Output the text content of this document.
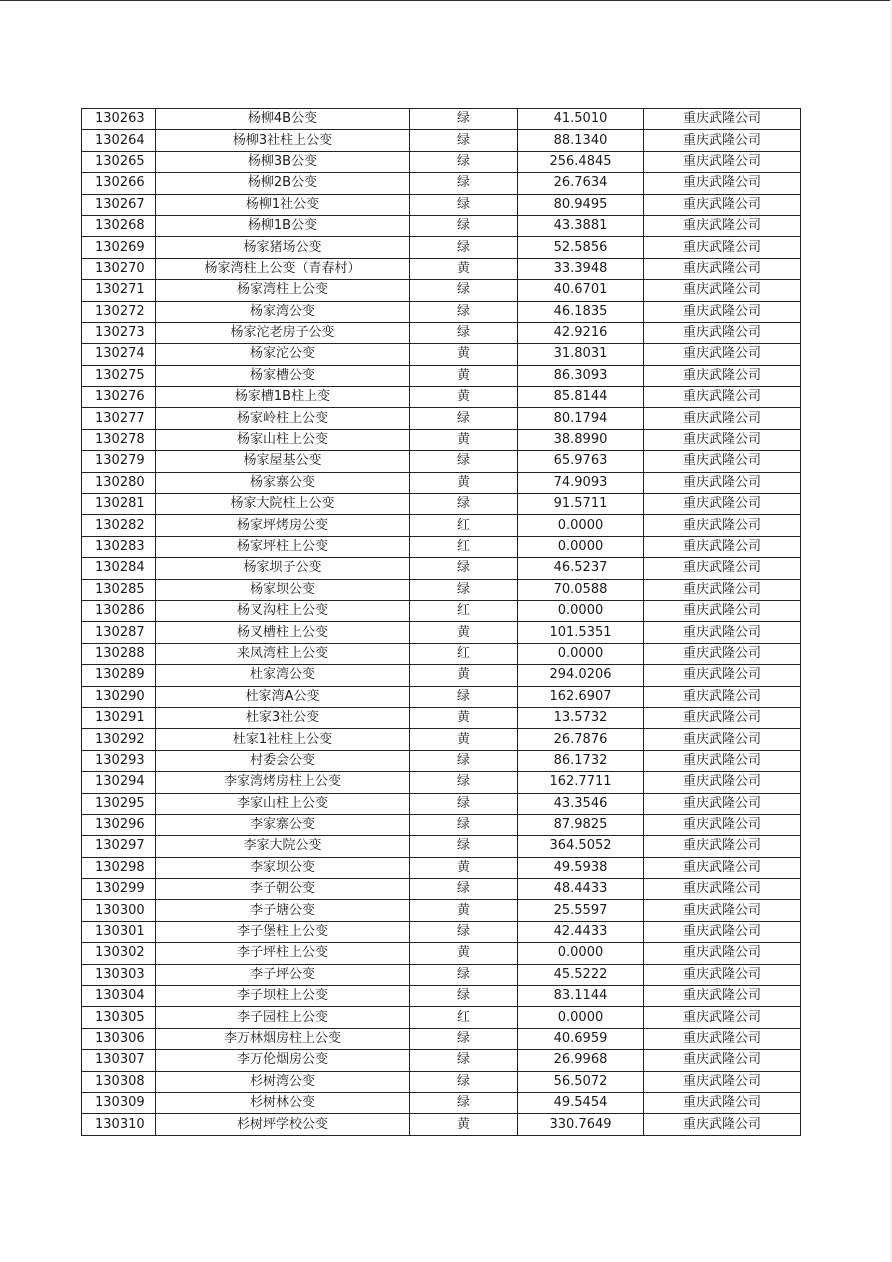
130263	杨柳4B公变	绿	41.5010	重庆武隆公司
130264	杨柳3社柱上公变	绿	88.1340	重庆武隆公司
130265	杨柳3B公变	绿	256.4845	重庆武隆公司
130266	杨柳2B公变	绿	26.7634	重庆武隆公司
130267	杨柳1社公变	绿	80.9495	重庆武隆公司
130268	杨柳1B公变	绿	43.3881	重庆武隆公司
130269	杨家猪场公变	绿	52.5856	重庆武隆公司
130270	杨家湾柱上公变（青春村）	黄	33.3948	重庆武隆公司
130271	杨家湾柱上公变	绿	40.6701	重庆武隆公司
130272	杨家湾公变	绿	46.1835	重庆武隆公司
130273	杨家沱老房子公变	绿	42.9216	重庆武隆公司
130274	杨家沱公变	黄	31.8031	重庆武隆公司
130275	杨家槽公变	黄	86.3093	重庆武隆公司
130276	杨家槽1B柱上变	黄	85.8144	重庆武隆公司
130277	杨家岭柱上公变	绿	80.1794	重庆武隆公司
130278	杨家山柱上公变	黄	38.8990	重庆武隆公司
130279	杨家屋基公变	绿	65.9763	重庆武隆公司
130280	杨家寨公变	黄	74.9093	重庆武隆公司
130281	杨家大院柱上公变	绿	91.5711	重庆武隆公司
130282	杨家坪烤房公变	红	0.0000	重庆武隆公司
130283	杨家坪柱上公变	红	0.0000	重庆武隆公司
130284	杨家坝子公变	绿	46.5237	重庆武隆公司
130285	杨家坝公变	绿	70.0588	重庆武隆公司
130286	杨叉沟柱上公变	红	0.0000	重庆武隆公司
130287	杨叉槽柱上公变	黄	101.5351	重庆武隆公司
130288	来凤湾柱上公变	红	0.0000	重庆武隆公司
130289	杜家湾公变	黄	294.0206	重庆武隆公司
130290	杜家湾A公变	绿	162.6907	重庆武隆公司
130291	杜家3社公变	黄	13.5732	重庆武隆公司
130292	杜家1社柱上公变	黄	26.7876	重庆武隆公司
130293	村委会公变	绿	86.1732	重庆武隆公司
130294	李家湾烤房柱上公变	绿	162.7711	重庆武隆公司
130295	李家山柱上公变	绿	43.3546	重庆武隆公司
130296	李家寨公变	绿	87.9825	重庆武隆公司
130297	李家大院公变	绿	364.5052	重庆武隆公司
130298	李家坝公变	黄	49.5938	重庆武隆公司
130299	李子朝公变	绿	48.4433	重庆武隆公司
130300	李子塘公变	黄	25.5597	重庆武隆公司
130301	李子堡柱上公变	绿	42.4433	重庆武隆公司
130302	李子坪柱上公变	黄	0.0000	重庆武隆公司
130303	李子坪公变	绿	45.5222	重庆武隆公司
130304	李子坝柱上公变	绿	83.1144	重庆武隆公司
130305	李子园柱上公变	红	0.0000	重庆武隆公司
130306	李万林烟房柱上公变	绿	40.6959	重庆武隆公司
130307	李万伦烟房公变	绿	26.9968	重庆武隆公司
130308	杉树湾公变	绿	56.5072	重庆武隆公司
130309	杉树林公变	绿	49.5454	重庆武隆公司
130310	杉树坪学校公变	黄	330.7649	重庆武隆公司
